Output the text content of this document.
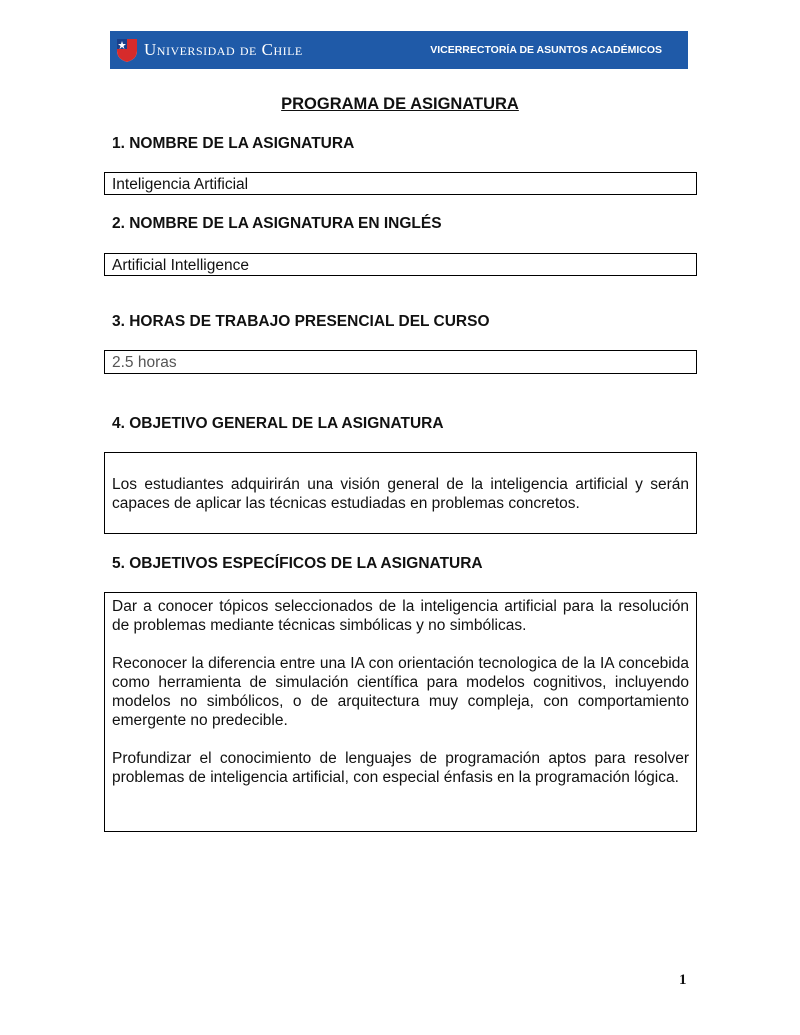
Universidad de Chile	VICERRECTORÍA DE ASUNTOS ACADÉMICOS
PROGRAMA DE ASIGNATURA
1. NOMBRE DE LA ASIGNATURA
Inteligencia Artificial
2. NOMBRE DE LA ASIGNATURA EN INGLÉS
Artificial Intelligence
3. HORAS DE TRABAJO PRESENCIAL DEL CURSO
2.5 horas
4. OBJETIVO GENERAL DE LA ASIGNATURA

Los estudiantes adquirirán una visión general de la inteligencia artificial y serán capaces de aplicar las técnicas estudiadas en problemas concretos.

5. OBJETIVOS ESPECÍFICOS DE LA ASIGNATURA

Dar a conocer tópicos seleccionados de la inteligencia artificial para la resolución de problemas mediante técnicas simbólicas y no simbólicas.

Reconocer la diferencia entre una IA con orientación tecnologica de la IA concebida como herramienta de simulación científica para modelos cognitivos, incluyendo modelos no simbólicos, o de arquitectura muy compleja, con comportamiento emergente no predecible.

Profundizar el conocimiento de lenguajes de programación aptos para resolver problemas de inteligencia artificial, con especial énfasis en la programación lógica.

1
